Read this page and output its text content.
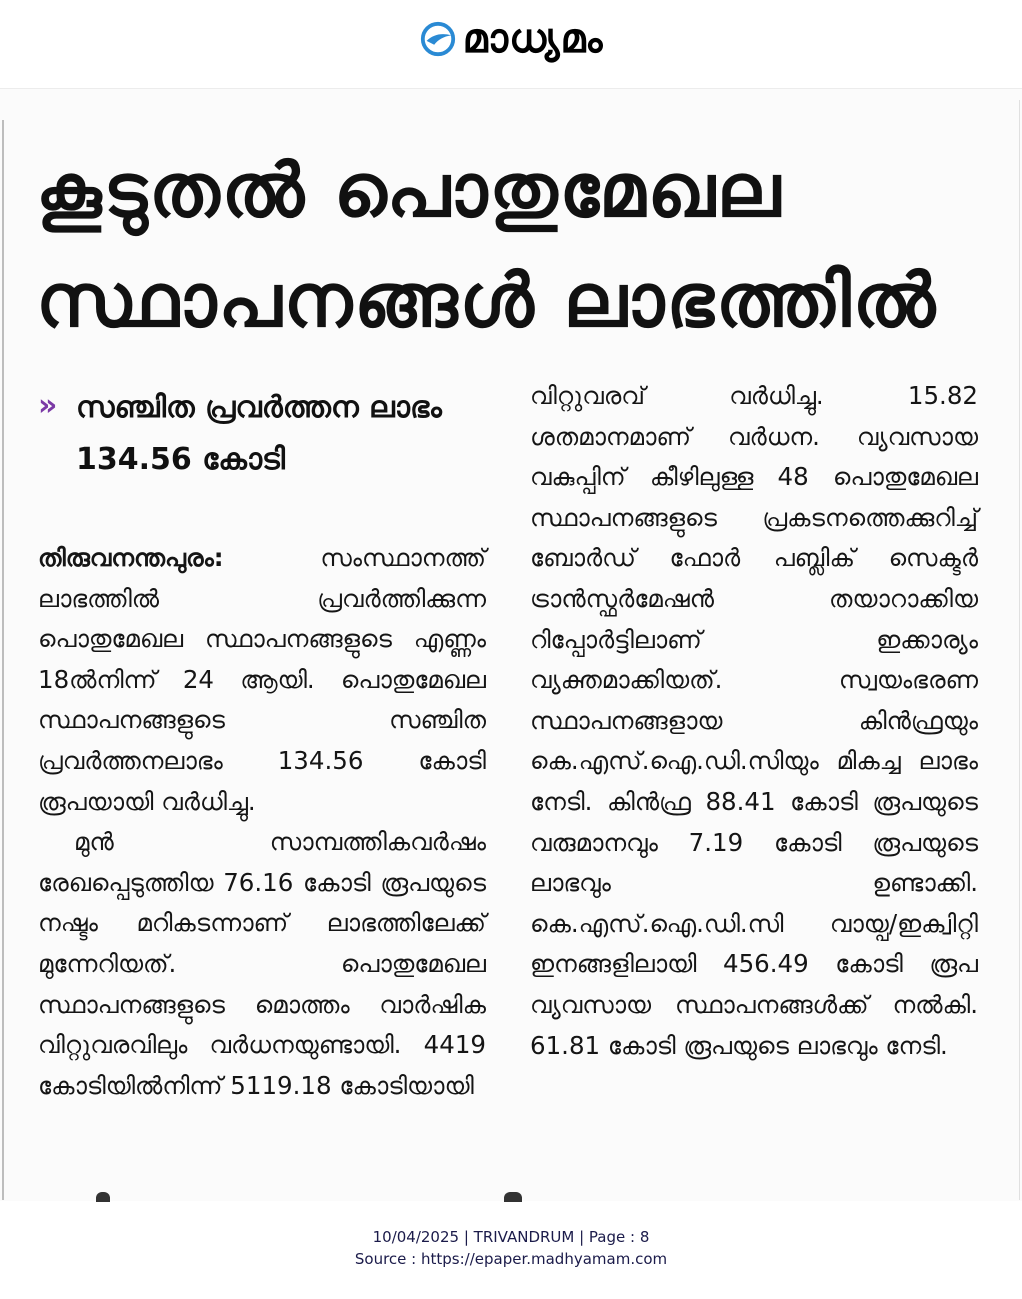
മാധ്യമം
കൂടുതൽ പൊതുമേഖല
സ്ഥാപനങ്ങൾ ലാഭത്തിൽ
» സഞ്ചിത പ്രവർത്തന ലാഭം 134.56 കോടി

തിരുവനന്തപുരം: സംസ്ഥാനത്ത് ലാഭത്തിൽ പ്രവർത്തിക്കുന്ന പൊതുമേഖല സ്ഥാപനങ്ങളുടെ എണ്ണം 18ൽനിന്ന് 24 ആയി. പൊതുമേഖല സ്ഥാപനങ്ങളുടെ സഞ്ചിത പ്രവർത്തനലാഭം 134.56 കോടി രൂപയായി വർധിച്ചു.

മുൻ സാമ്പത്തികവർഷം രേഖപ്പെടുത്തിയ 76.16 കോടി രൂപയുടെ നഷ്ടം മറികടന്നാണ് ലാഭത്തിലേക്ക് മുന്നേറിയത്. പൊതുമേഖല സ്ഥാപനങ്ങളുടെ മൊത്തം വാർഷിക വിറ്റുവരവിലും വർധനയുണ്ടായി. 4419 കോടിയിൽനിന്ന് 5119.18 കോടിയായി

വിറ്റുവരവ് വർധിച്ചു. 15.82 ശതമാനമാണ് വർധന. വ്യവസായ വകുപ്പിന് കീഴിലുള്ള 48 പൊതുമേഖല സ്ഥാപനങ്ങളുടെ പ്രകടനത്തെക്കുറിച്ച് ബോർഡ് ഫോർ പബ്ലിക് സെക്ടർ ട്രാൻസ്ഫർമേഷൻ തയാറാക്കിയ റിപ്പോർട്ടിലാണ് ഇക്കാര്യം വ്യക്തമാക്കിയത്. സ്വയംഭരണ സ്ഥാപനങ്ങളായ കിൻഫ്രയും കെ.എസ്.ഐ.ഡി.സിയും മികച്ച ലാഭം നേടി. കിൻഫ്ര 88.41 കോടി രൂപയുടെ വരുമാനവും 7.19 കോടി രൂപയുടെ ലാഭവും ഉണ്ടാക്കി. കെ.എസ്.ഐ.ഡി.സി വായ്പ/ഇക്വിറ്റി ഇനങ്ങളിലായി 456.49 കോടി രൂപ വ്യവസായ സ്ഥാപനങ്ങൾക്ക് നൽകി. 61.81 കോടി രൂപയുടെ ലാഭവും നേടി.

10/04/2025 | TRIVANDRUM | Page : 8
Source : https://epaper.madhyamam.com
